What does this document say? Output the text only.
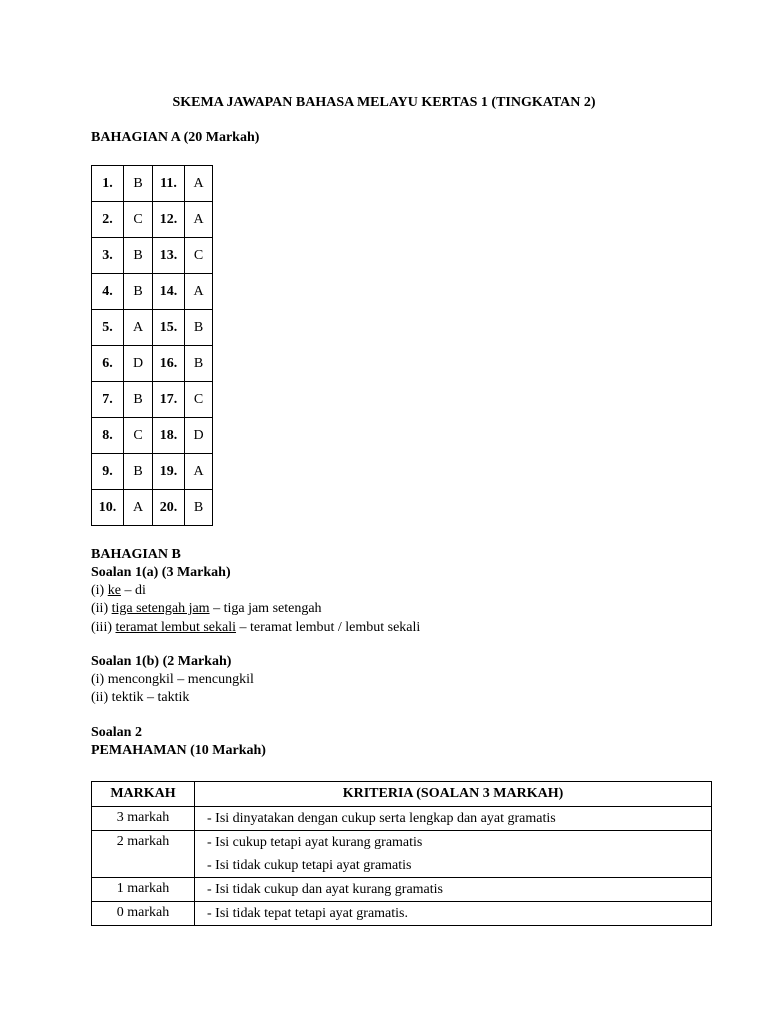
SKEMA JAWAPAN BAHASA MELAYU KERTAS 1 (TINGKATAN 2)
BAHAGIAN A (20 Markah)
1.	B	11.	A
2.	C	12.	A
3.	B	13.	C
4.	B	14.	A
5.	A	15.	B
6.	D	16.	B
7.	B	17.	C
8.	C	18.	D
9.	B	19.	A
10.	A	20.	B
BAHAGIAN B
Soalan 1(a) (3 Markah)
(i) ke – di
(ii) tiga setengah jam – tiga jam setengah
(iii) teramat lembut sekali – teramat lembut / lembut sekali
Soalan 1(b) (2 Markah)
(i) mencongkil – mencungkil
(ii) tektik – taktik
Soalan 2
PEMAHAMAN (10 Markah)
MARKAH	KRITERIA (SOALAN 3 MARKAH)
3 markah	- Isi dinyatakan dengan cukup serta lengkap dan ayat gramatis

2 markah	- Isi cukup tetapi ayat kurang gramatis
- Isi tidak cukup tetapi ayat gramatis

1 markah	- Isi tidak cukup dan ayat kurang gramatis

0 markah	- Isi tidak tepat tetapi ayat gramatis.
